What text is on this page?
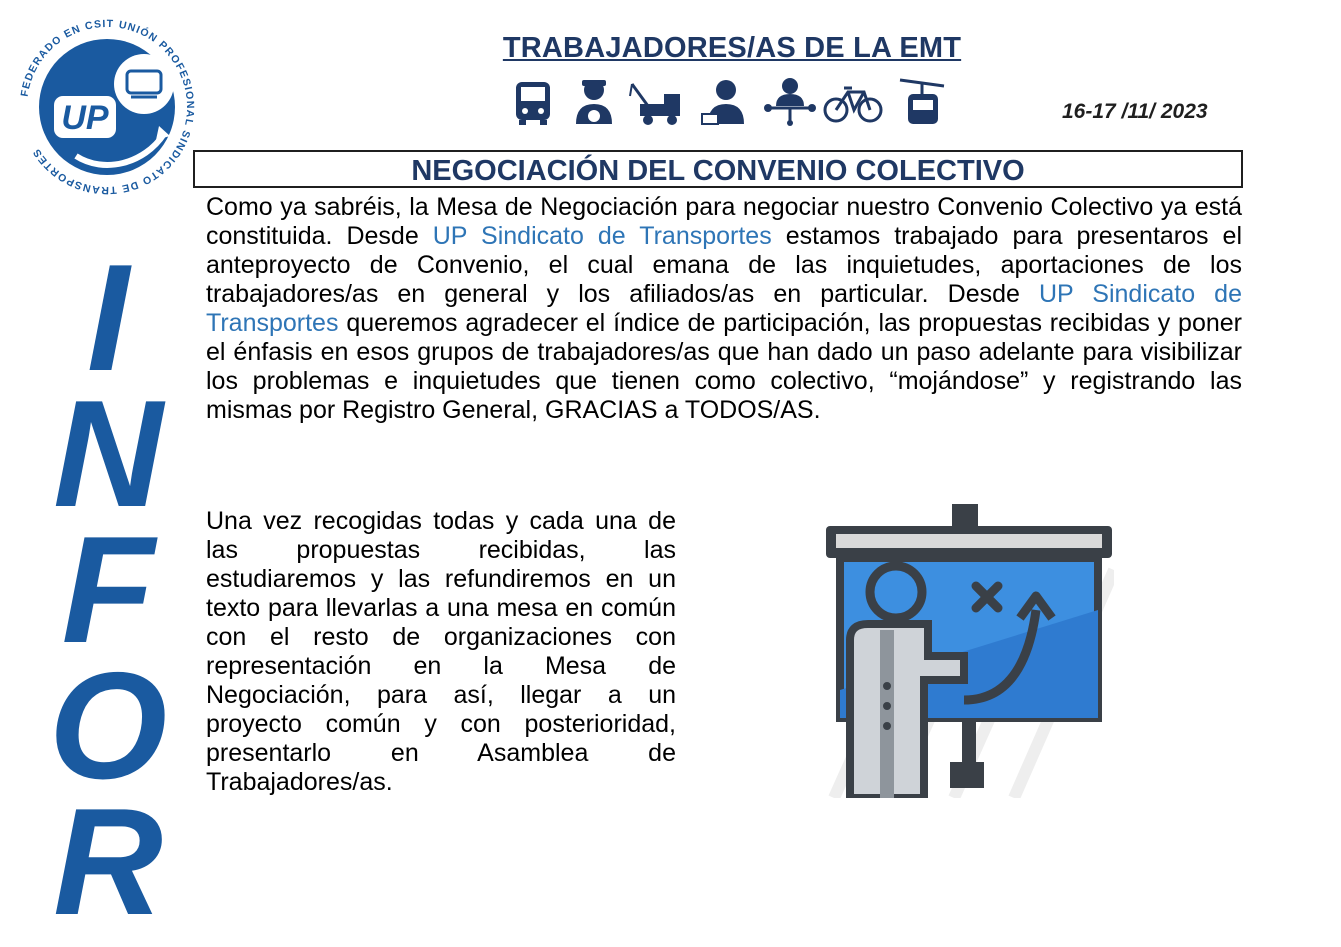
FEDERADO EN CSIT UNIÓN PROFESIONAL SINDICATO DE TRANSPORTES
UP
TRABAJADORES/AS DE LA EMT
16-17 /11/ 2023
NEGOCIACIÓN DEL CONVENIO COLECTIVO
I
N
F
O
R

Como ya sabréis, la Mesa de Negociación para negociar nuestro Convenio Colectivo ya está constituida. Desde UP Sindicato de Transportes estamos trabajado para presentaros el anteproyecto de Convenio, el cual emana de las inquietudes, aportaciones de los trabajadores/as en general y los afiliados/as en particular. Desde UP Sindicato de Transportes queremos agradecer el índice de participación, las propuestas recibidas y poner el énfasis en esos grupos de trabajadores/as que han dado un paso adelante para visibilizar los problemas e inquietudes que tienen como colectivo, “mojándose” y registrando las mismas por Registro General, GRACIAS a TODOS/AS.

Una vez recogidas todas y cada una de las propuestas recibidas, las estudiaremos y las refundiremos en un texto para llevarlas a una mesa en común con el resto de organizaciones con representación en la Mesa de Negociación, para así, llegar a un proyecto común y con posterioridad, presentarlo en Asamblea de Trabajadores/as.
